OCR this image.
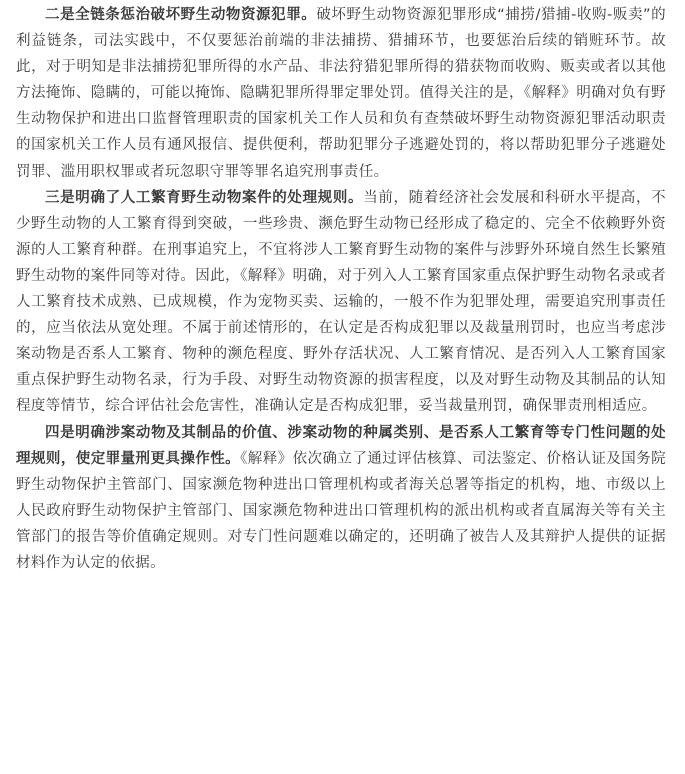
二是全链条惩治破坏野生动物资源犯罪。破坏野生动物资源犯罪形成“捕捞/猎捕-收购-贩卖”的利益链条，司法实践中，不仅要惩治前端的非法捕捞、猎捕环节，也要惩治后续的销赃环节。故此，对于明知是非法捕捞犯罪所得的水产品、非法狩猎犯罪所得的猎获物而收购、贩卖或者以其他方法掩饰、隐瞒的，可能以掩饰、隐瞒犯罪所得罪定罪处罚。值得关注的是，《解释》明确对负有野生动物保护和进出口监督管理职责的国家机关工作人员和负有查禁破坏野生动物资源犯罪活动职责的国家机关工作人员有通风报信、提供便利，帮助犯罪分子逃避处罚的，将以帮助犯罪分子逃避处罚罪、滥用职权罪或者玩忽职守罪等罪名追究刑事责任。

三是明确了人工繁育野生动物案件的处理规则。当前，随着经济社会发展和科研水平提高，不少野生动物的人工繁育得到突破，一些珍贵、濒危野生动物已经形成了稳定的、完全不依赖野外资源的人工繁育种群。在刑事追究上，不宜将涉人工繁育野生动物的案件与涉野外环境自然生长繁殖野生动物的案件同等对待。因此，《解释》明确，对于列入人工繁育国家重点保护野生动物名录或者人工繁育技术成熟、已成规模，作为宠物买卖、运输的，一般不作为犯罪处理，需要追究刑事责任的，应当依法从宽处理。不属于前述情形的，在认定是否构成犯罪以及裁量刑罚时，也应当考虑涉案动物是否系人工繁育、物种的濒危程度、野外存活状况、人工繁育情况、是否列入人工繁育国家重点保护野生动物名录，行为手段、对野生动物资源的损害程度，以及对野生动物及其制品的认知程度等情节，综合评估社会危害性，准确认定是否构成犯罪，妥当裁量刑罚，确保罪责刑相适应。

四是明确涉案动物及其制品的价值、涉案动物的种属类别、是否系人工繁育等专门性问题的处理规则，使定罪量刑更具操作性。《解释》依次确立了通过评估核算、司法鉴定、价格认证及国务院野生动物保护主管部门、国家濒危物种进出口管理机构或者海关总署等指定的机构，地、市级以上人民政府野生动物保护主管部门、国家濒危物种进出口管理机构的派出机构或者直属海关等有关主管部门的报告等价值确定规则。对专门性问题难以确定的，还明确了被告人及其辩护人提供的证据材料作为认定的依据。
